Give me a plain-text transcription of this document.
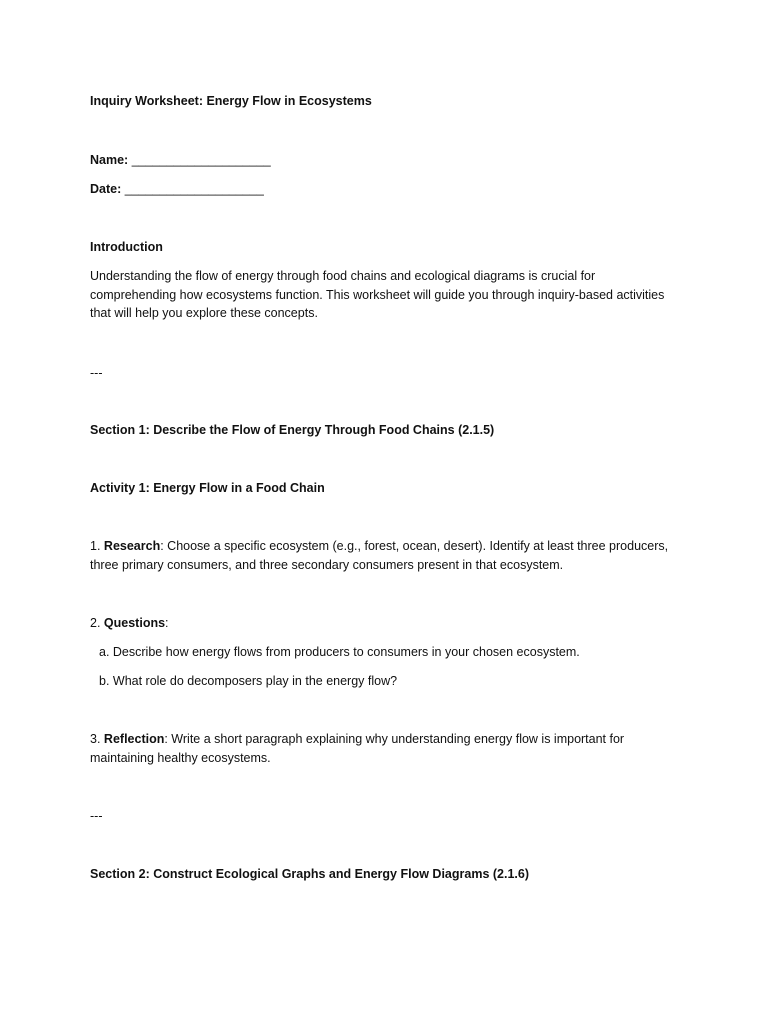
Inquiry Worksheet: Energy Flow in Ecosystems
Name: ____________________
Date: ____________________
Introduction
Understanding the flow of energy through food chains and ecological diagrams is crucial for comprehending how ecosystems function. This worksheet will guide you through inquiry-based activities that will help you explore these concepts.
---
Section 1: Describe the Flow of Energy Through Food Chains (2.1.5)
Activity 1: Energy Flow in a Food Chain
1. Research: Choose a specific ecosystem (e.g., forest, ocean, desert). Identify at least three producers, three primary consumers, and three secondary consumers present in that ecosystem.
2. Questions:
a. Describe how energy flows from producers to consumers in your chosen ecosystem.
b. What role do decomposers play in the energy flow?
3. Reflection: Write a short paragraph explaining why understanding energy flow is important for maintaining healthy ecosystems.
---
Section 2: Construct Ecological Graphs and Energy Flow Diagrams (2.1.6)
